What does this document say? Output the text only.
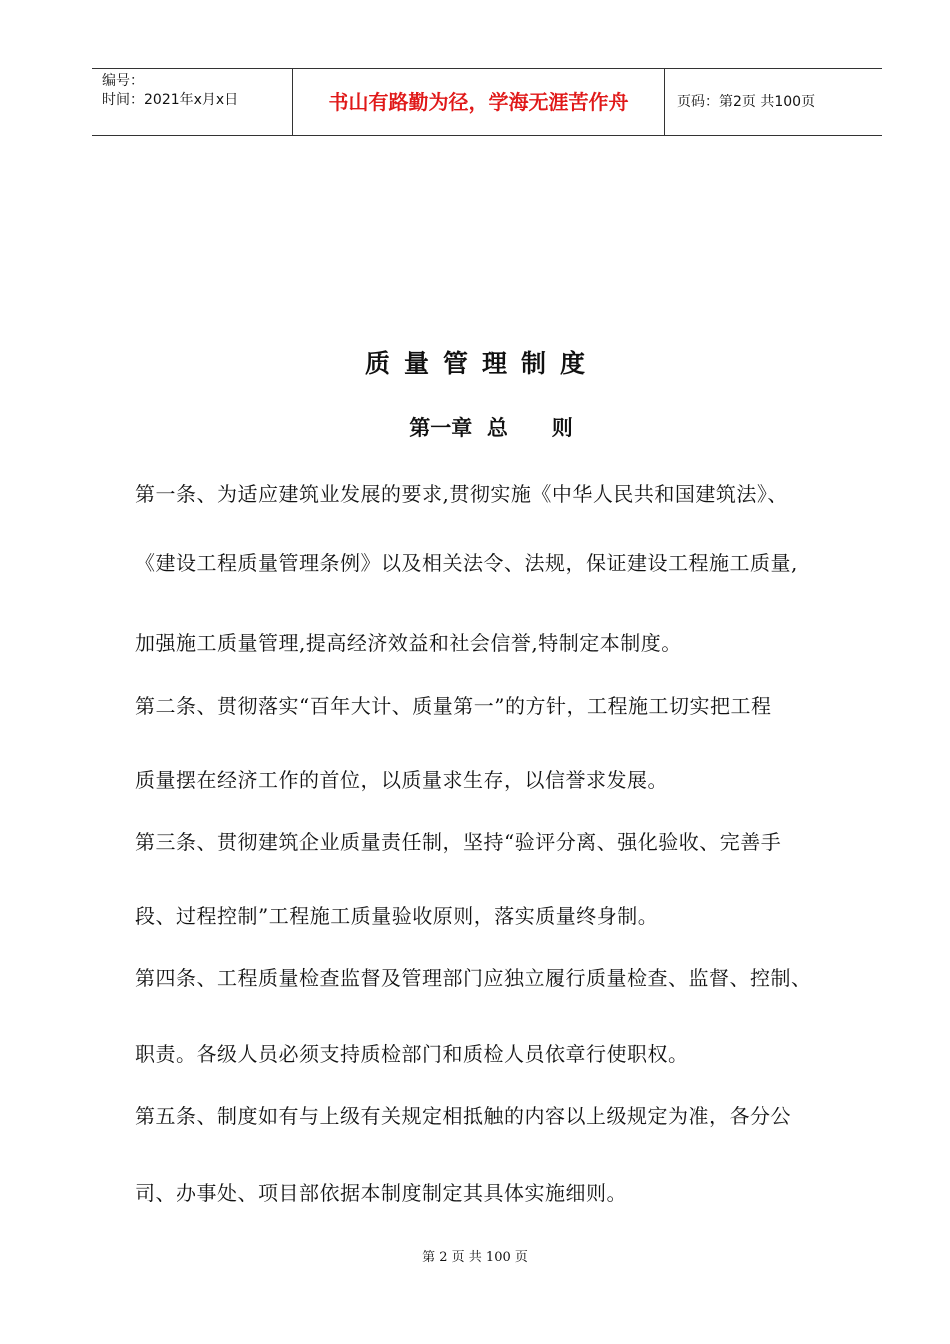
编号：
时间：2021年x月x日	书山有路勤为径，学海无涯苦作舟	页码：第2页 共100页
质量管理制度
第一章  总      则
第一条、为适应建筑业发展的要求,贯彻实施《中华人民共和国建筑法》、
《建设工程质量管理条例》以及相关法令、法规，保证建设工程施工质量,
加强施工质量管理,提高经济效益和社会信誉,特制定本制度。
第二条、贯彻落实“百年大计、质量第一”的方针，工程施工切实把工程
质量摆在经济工作的首位，以质量求生存，以信誉求发展。
第三条、贯彻建筑企业质量责任制，坚持“验评分离、强化验收、完善手
段、过程控制”工程施工质量验收原则，落实质量终身制。
第四条、工程质量检查监督及管理部门应独立履行质量检查、监督、控制、
职责。各级人员必须支持质检部门和质检人员依章行使职权。
第五条、制度如有与上级有关规定相抵触的内容以上级规定为准，各分公
司、办事处、项目部依据本制度制定其具体实施细则。
第 2 页 共 100 页
